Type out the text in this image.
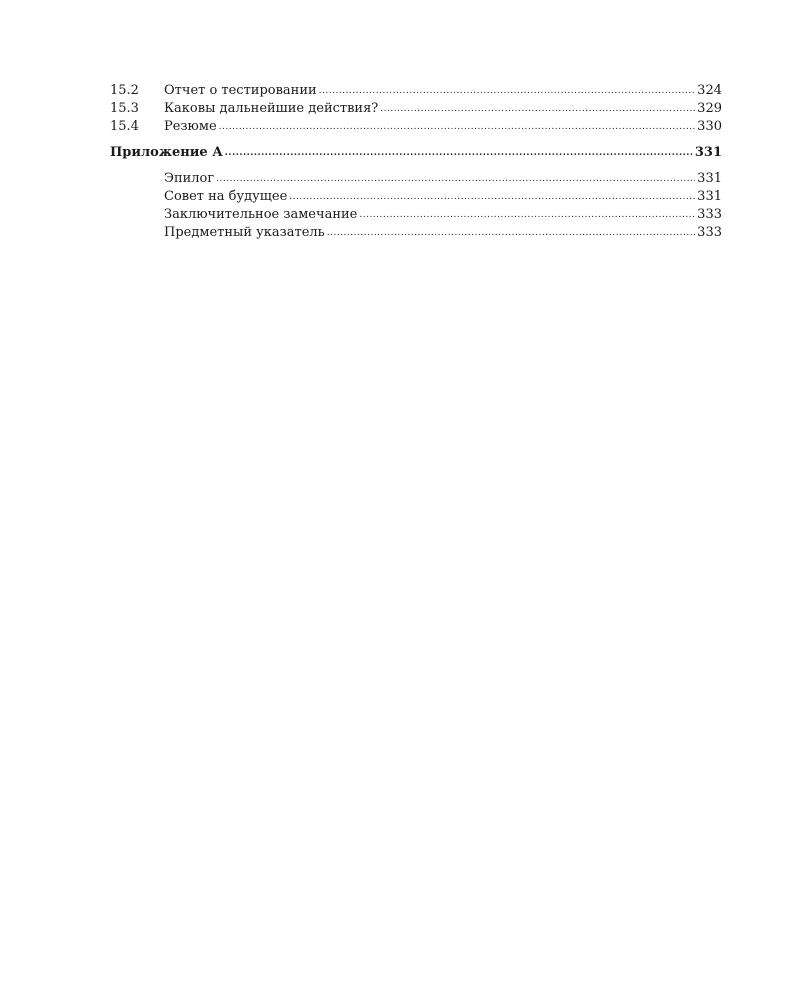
15.2	Отчет о тестировании .....	324
15.3	Каковы дальнейшие действия? .....	329
15.4	Резюме .....	330
Приложение А .....	331
Эпилог .....	331
Совет на будущее .....	331
Заключительное замечание .....	333
Предметный указатель .....	333
